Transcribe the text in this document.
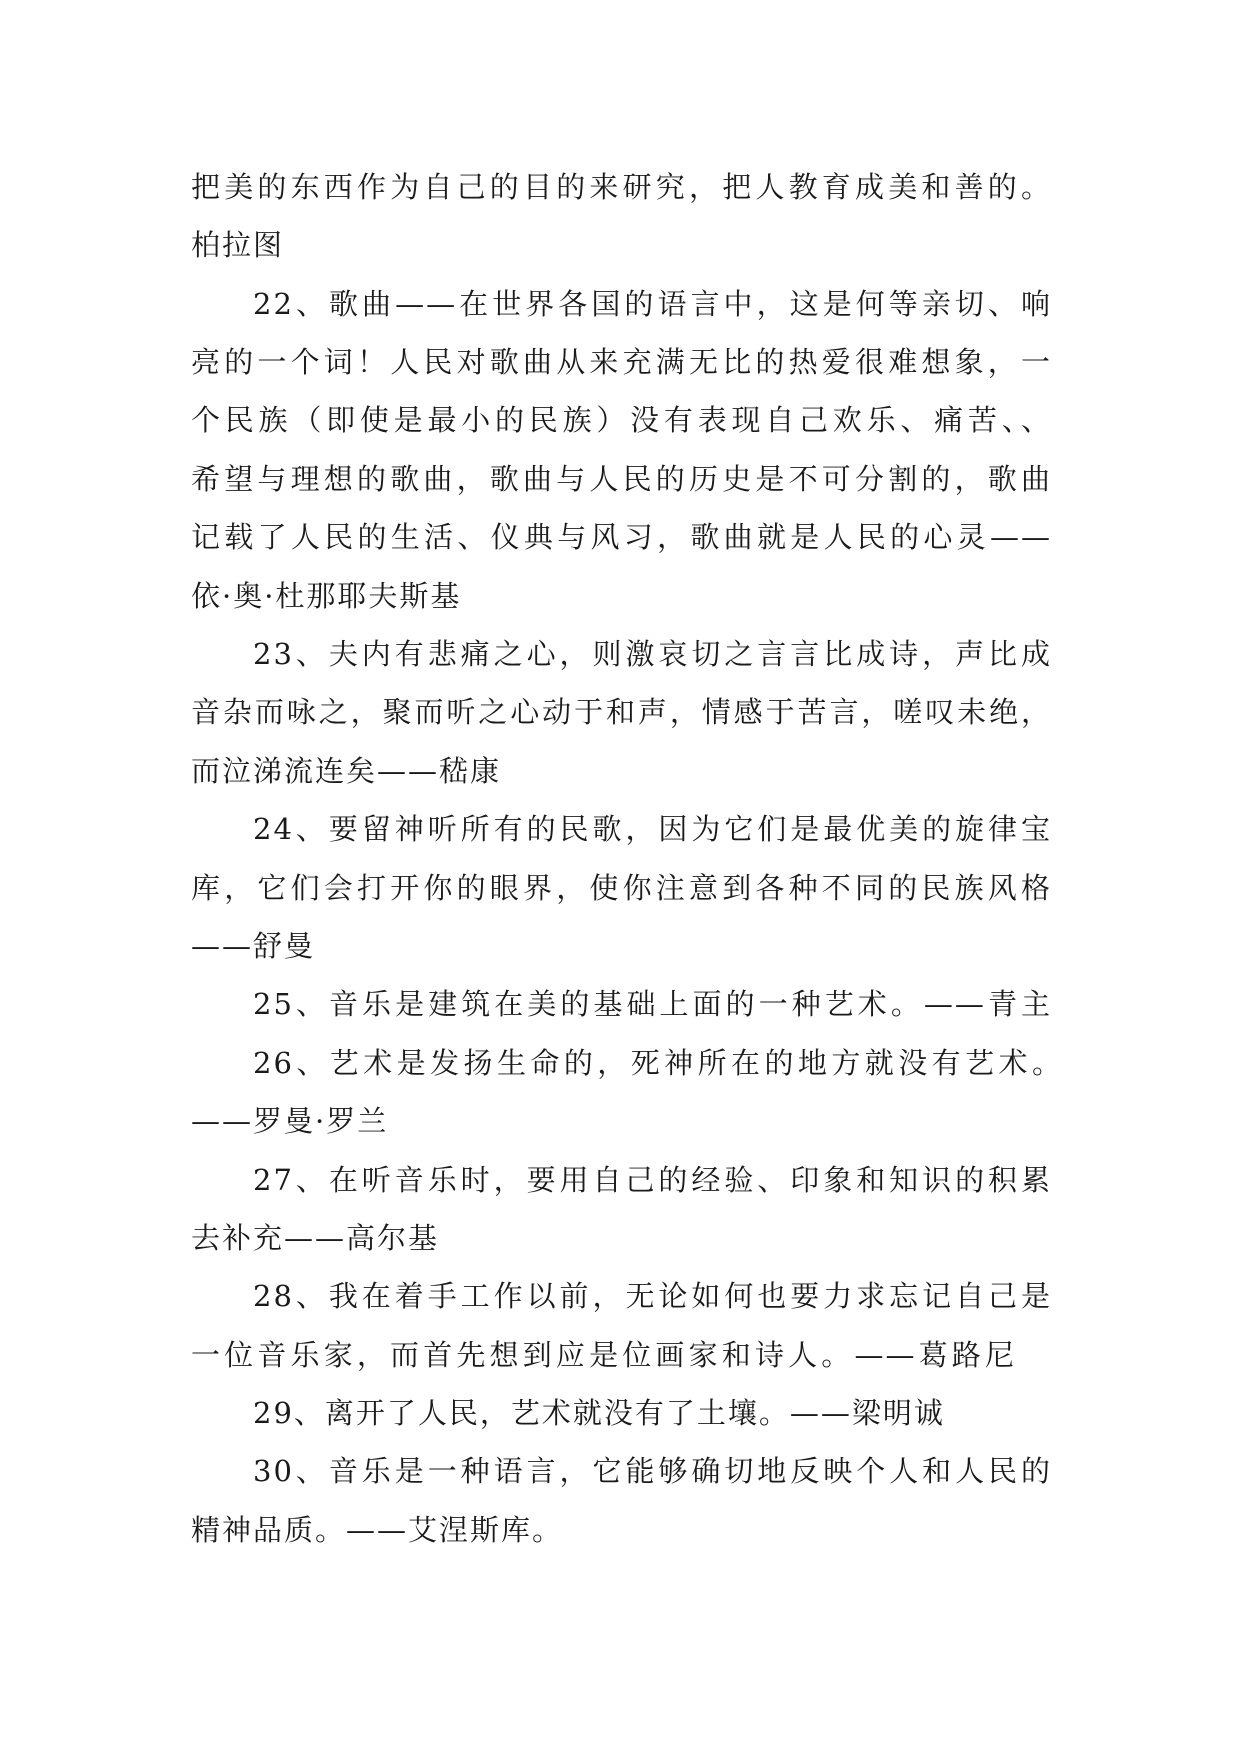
把美的东西作为自己的目的来研究，把人教育成美和善的。
柏拉图
22、歌曲——在世界各国的语言中，这是何等亲切、响
亮的一个词！人民对歌曲从来充满无比的热爱很难想象，一
个民族（即使是最小的民族）没有表现自己欢乐、痛苦、、
希望与理想的歌曲，歌曲与人民的历史是不可分割的，歌曲
记载了人民的生活、仪典与风习，歌曲就是人民的心灵——
依·奥·杜那耶夫斯基
23、夫内有悲痛之心，则激哀切之言言比成诗，声比成
音杂而咏之，聚而听之心动于和声，情感于苦言，嗟叹未绝，
而泣涕流连矣——嵇康
24、要留神听所有的民歌，因为它们是最优美的旋律宝
库，它们会打开你的眼界，使你注意到各种不同的民族风格
——舒曼
25、音乐是建筑在美的基础上面的一种艺术。——青主
26、艺术是发扬生命的，死神所在的地方就没有艺术。
——罗曼·罗兰
27、在听音乐时，要用自己的经验、印象和知识的积累
去补充——高尔基
28、我在着手工作以前，无论如何也要力求忘记自己是
一位音乐家，而首先想到应是位画家和诗人。——葛路尼
29、离开了人民，艺术就没有了土壤。——梁明诚
30、音乐是一种语言，它能够确切地反映个人和人民的
精神品质。——艾涅斯库。
